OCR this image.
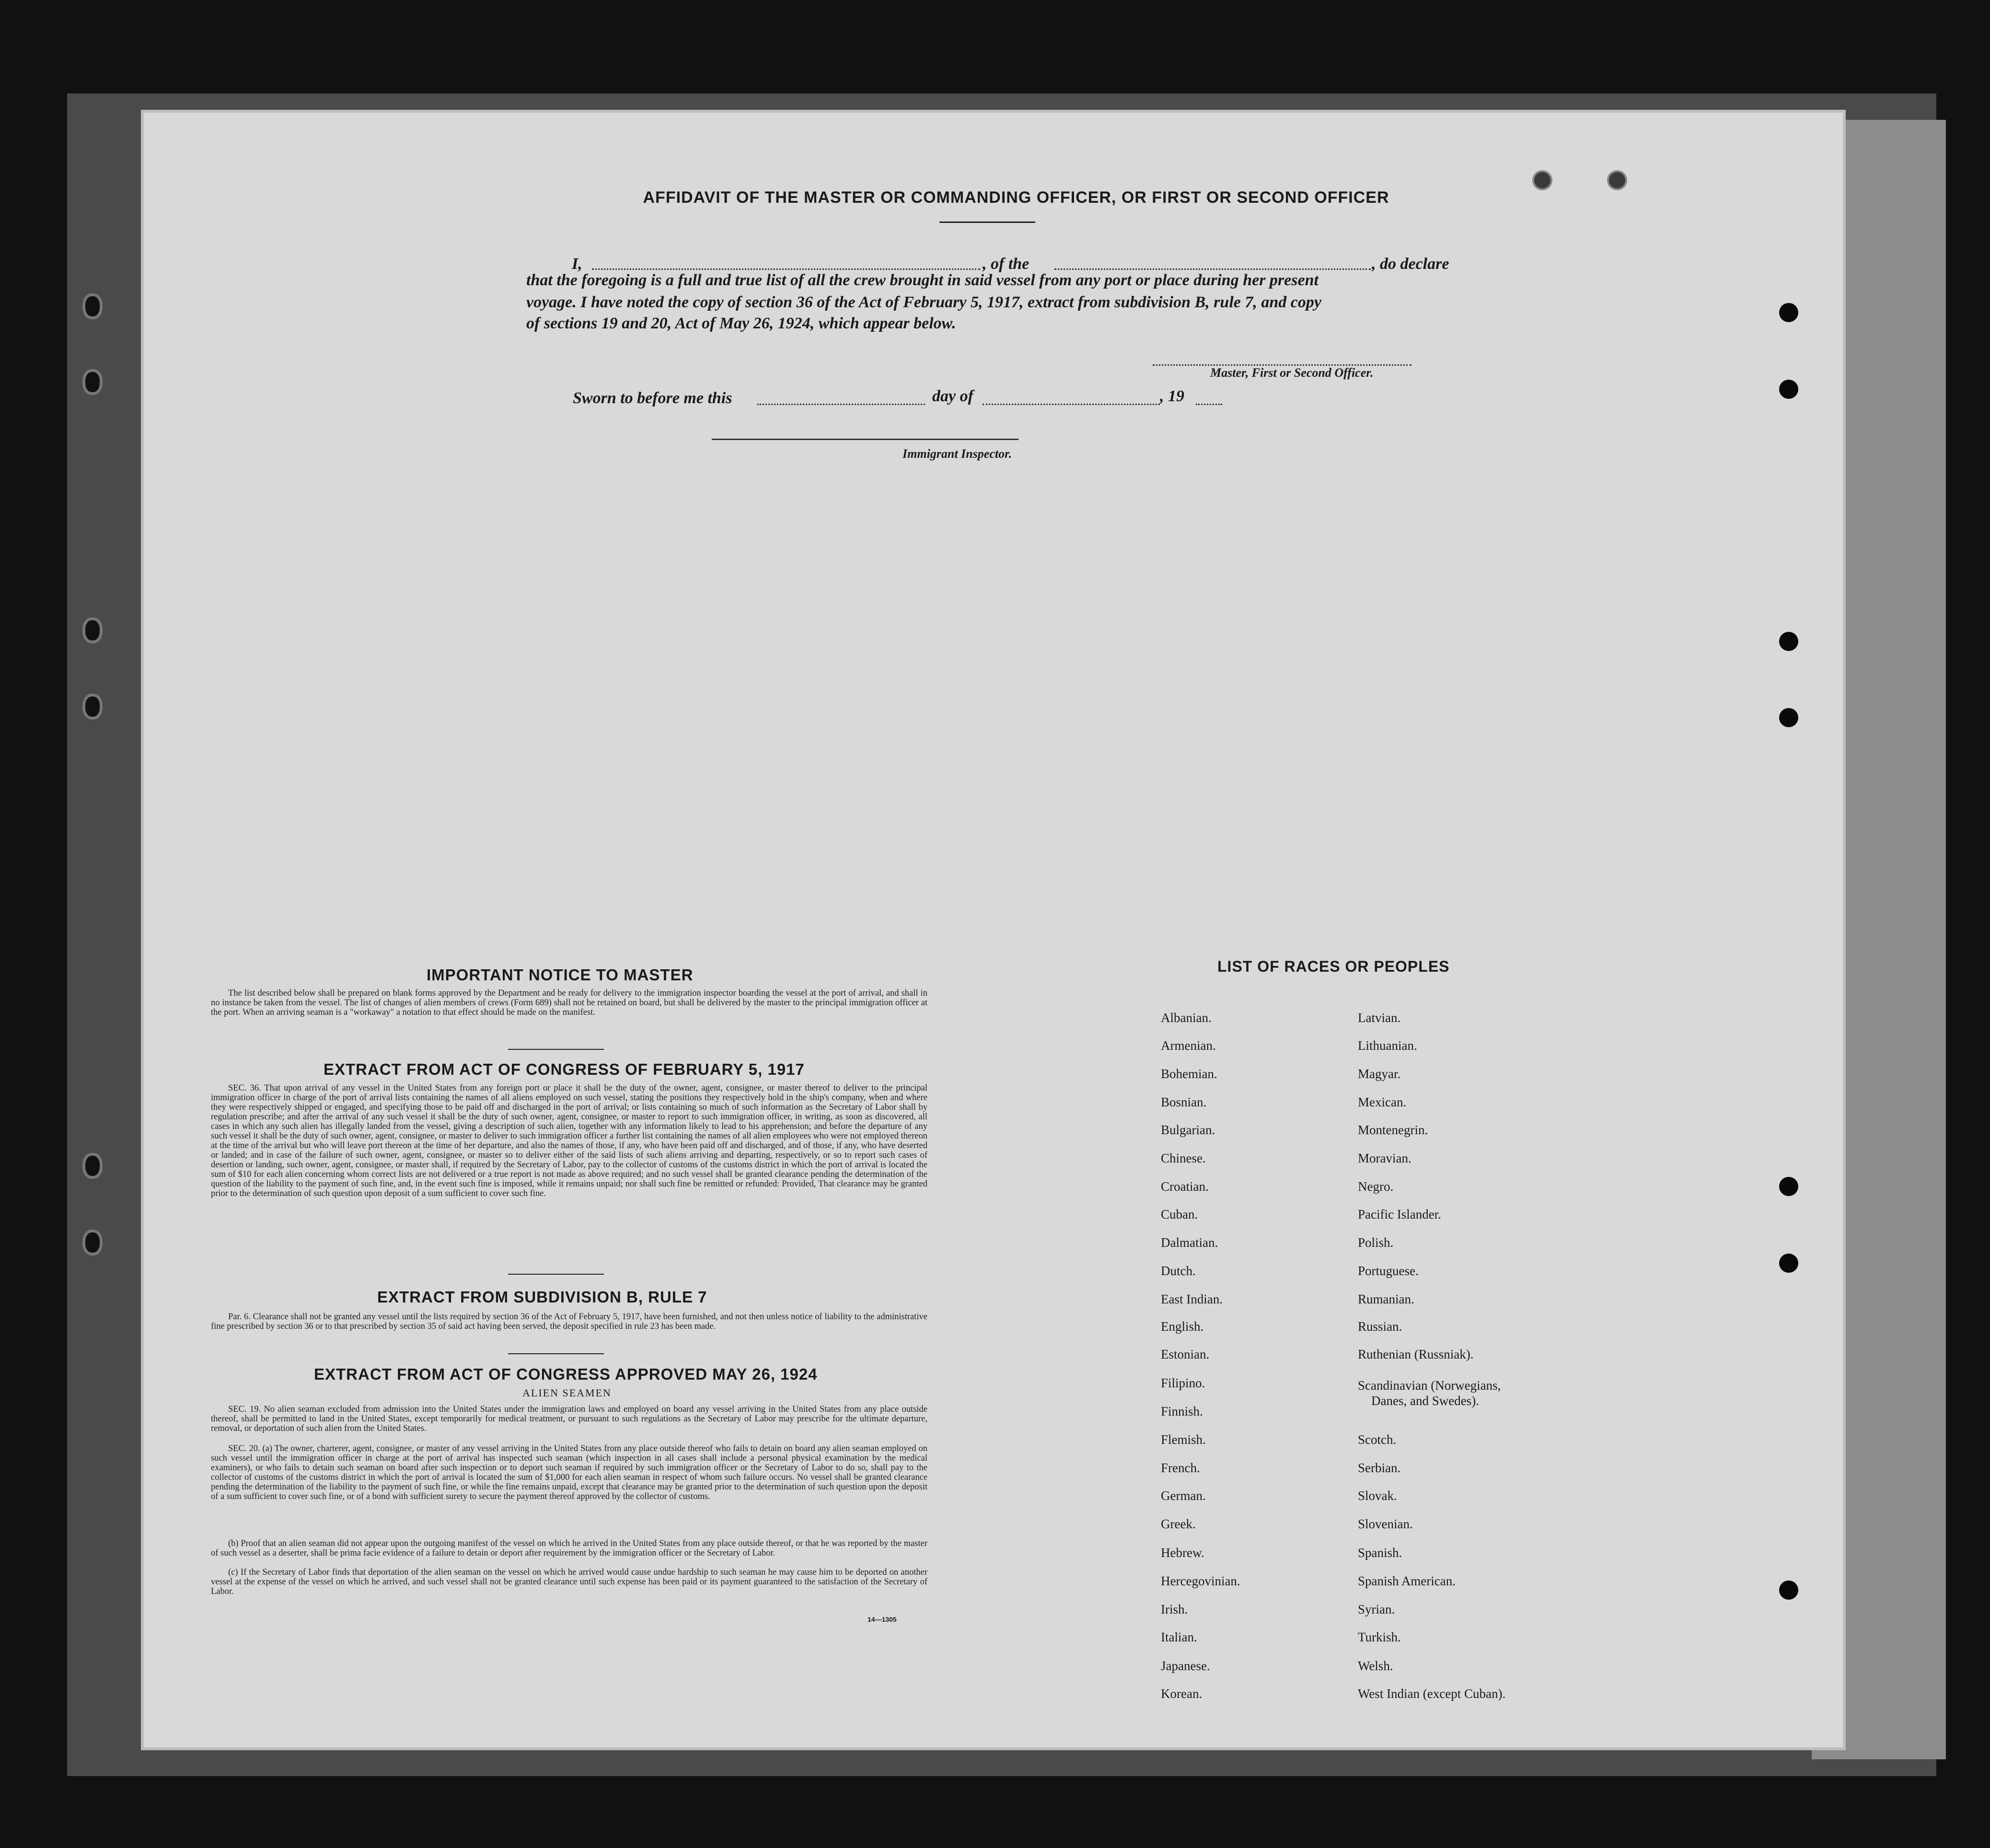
AFFIDAVIT OF THE MASTER OR COMMANDING OFFICER, OR FIRST OR SECOND OFFICER
I,	, of the	, do declare
that the foregoing is a full and true list of all the crew brought in said vessel from any port or place during her present
voyage. I have noted the copy of section 36 of the Act of February 5, 1917, extract from subdivision B, rule 7, and copy
of sections 19 and 20, Act of May 26, 1924, which appear below.
Master, First or Second Officer.
Sworn to before me this	day of	, 19
Immigrant Inspector.
IMPORTANT NOTICE TO MASTER
The list described below shall be prepared on blank forms approved by the Department and be ready for delivery to the immigration inspector boarding the vessel at the port of arrival, and shall in no instance be taken from the vessel. The list of changes of alien members of crews (Form 689) shall not be retained on board, but shall be delivered by the master to the principal immigration officer at the port. When an arriving seaman is a "workaway" a notation to that effect should be made on the manifest.
EXTRACT FROM ACT OF CONGRESS OF FEBRUARY 5, 1917
SEC. 36. That upon arrival of any vessel in the United States from any foreign port or place it shall be the duty of the owner, agent, consignee, or master thereof to deliver to the principal immigration officer in charge of the port of arrival lists containing the names of all aliens employed on such vessel, stating the positions they respectively hold in the ship's company, when and where they were respectively shipped or engaged, and specifying those to be paid off and discharged in the port of arrival; or lists containing so much of such information as the Secretary of Labor shall by regulation prescribe; and after the arrival of any such vessel it shall be the duty of such owner, agent, consignee, or master to report to such immigration officer, in writing, as soon as discovered, all cases in which any such alien has illegally landed from the vessel, giving a description of such alien, together with any information likely to lead to his apprehension; and before the departure of any such vessel it shall be the duty of such owner, agent, consignee, or master to deliver to such immigration officer a further list containing the names of all alien employees who were not employed thereon at the time of the arrival but who will leave port thereon at the time of her departure, and also the names of those, if any, who have been paid off and discharged, and of those, if any, who have deserted or landed; and in case of the failure of such owner, agent, consignee, or master so to deliver either of the said lists of such aliens arriving and departing, respectively, or so to report such cases of desertion or landing, such owner, agent, consignee, or master shall, if required by the Secretary of Labor, pay to the collector of customs of the customs district in which the port of arrival is located the sum of $10 for each alien concerning whom correct lists are not delivered or a true report is not made as above required; and no such vessel shall be granted clearance pending the determination of the question of the liability to the payment of such fine, and, in the event such fine is imposed, while it remains unpaid; nor shall such fine be remitted or refunded: Provided, That clearance may be granted prior to the determination of such question upon deposit of a sum sufficient to cover such fine.
EXTRACT FROM SUBDIVISION B, RULE 7
Par. 6. Clearance shall not be granted any vessel until the lists required by section 36 of the Act of February 5, 1917, have been furnished, and not then unless notice of liability to the administrative fine prescribed by section 36 or to that prescribed by section 35 of said act having been served, the deposit specified in rule 23 has been made.
EXTRACT FROM ACT OF CONGRESS APPROVED MAY 26, 1924
ALIEN SEAMEN
SEC. 19. No alien seaman excluded from admission into the United States under the immigration laws and employed on board any vessel arriving in the United States from any place outside thereof, shall be permitted to land in the United States, except temporarily for medical treatment, or pursuant to such regulations as the Secretary of Labor may prescribe for the ultimate departure, removal, or deportation of such alien from the United States.
SEC. 20. (a) The owner, charterer, agent, consignee, or master of any vessel arriving in the United States from any place outside thereof who fails to detain on board any alien seaman employed on such vessel until the immigration officer in charge at the port of arrival has inspected such seaman (which inspection in all cases shall include a personal physical examination by the medical examiners), or who fails to detain such seaman on board after such inspection or to deport such seaman if required by such immigration officer or the Secretary of Labor to do so, shall pay to the collector of customs of the customs district in which the port of arrival is located the sum of $1,000 for each alien seaman in respect of whom such failure occurs. No vessel shall be granted clearance pending the determination of the liability to the payment of such fine, or while the fine remains unpaid, except that clearance may be granted prior to the determination of such question upon the deposit of a sum sufficient to cover such fine, or of a bond with sufficient surety to secure the payment thereof approved by the collector of customs.
(b) Proof that an alien seaman did not appear upon the outgoing manifest of the vessel on which he arrived in the United States from any place outside thereof, or that he was reported by the master of such vessel as a deserter, shall be prima facie evidence of a failure to detain or deport after requirement by the immigration officer or the Secretary of Labor.
(c) If the Secretary of Labor finds that deportation of the alien seaman on the vessel on which he arrived would cause undue hardship to such seaman he may cause him to be deported on another vessel at the expense of the vessel on which he arrived, and such vessel shall not be granted clearance until such expense has been paid or its payment guaranteed to the satisfaction of the Secretary of Labor.
14—1305
LIST OF RACES OR PEOPLES
Albanian.
Armenian.
Bohemian.
Bosnian.
Bulgarian.
Chinese.
Croatian.
Cuban.
Dalmatian.
Dutch.
East Indian.
English.
Estonian.
Filipino.
Finnish.
Flemish.
French.
German.
Greek.
Hebrew.
Hercegovinian.
Irish.
Italian.
Japanese.
Korean.
Latvian.
Lithuanian.
Magyar.
Mexican.
Montenegrin.
Moravian.
Negro.
Pacific Islander.
Polish.
Portuguese.
Rumanian.
Russian.
Ruthenian (Russniak).
Scandinavian (Norwegians,
Danes, and Swedes).
Scotch.
Serbian.
Slovak.
Slovenian.
Spanish.
Spanish American.
Syrian.
Turkish.
Welsh.
West Indian (except Cuban).
